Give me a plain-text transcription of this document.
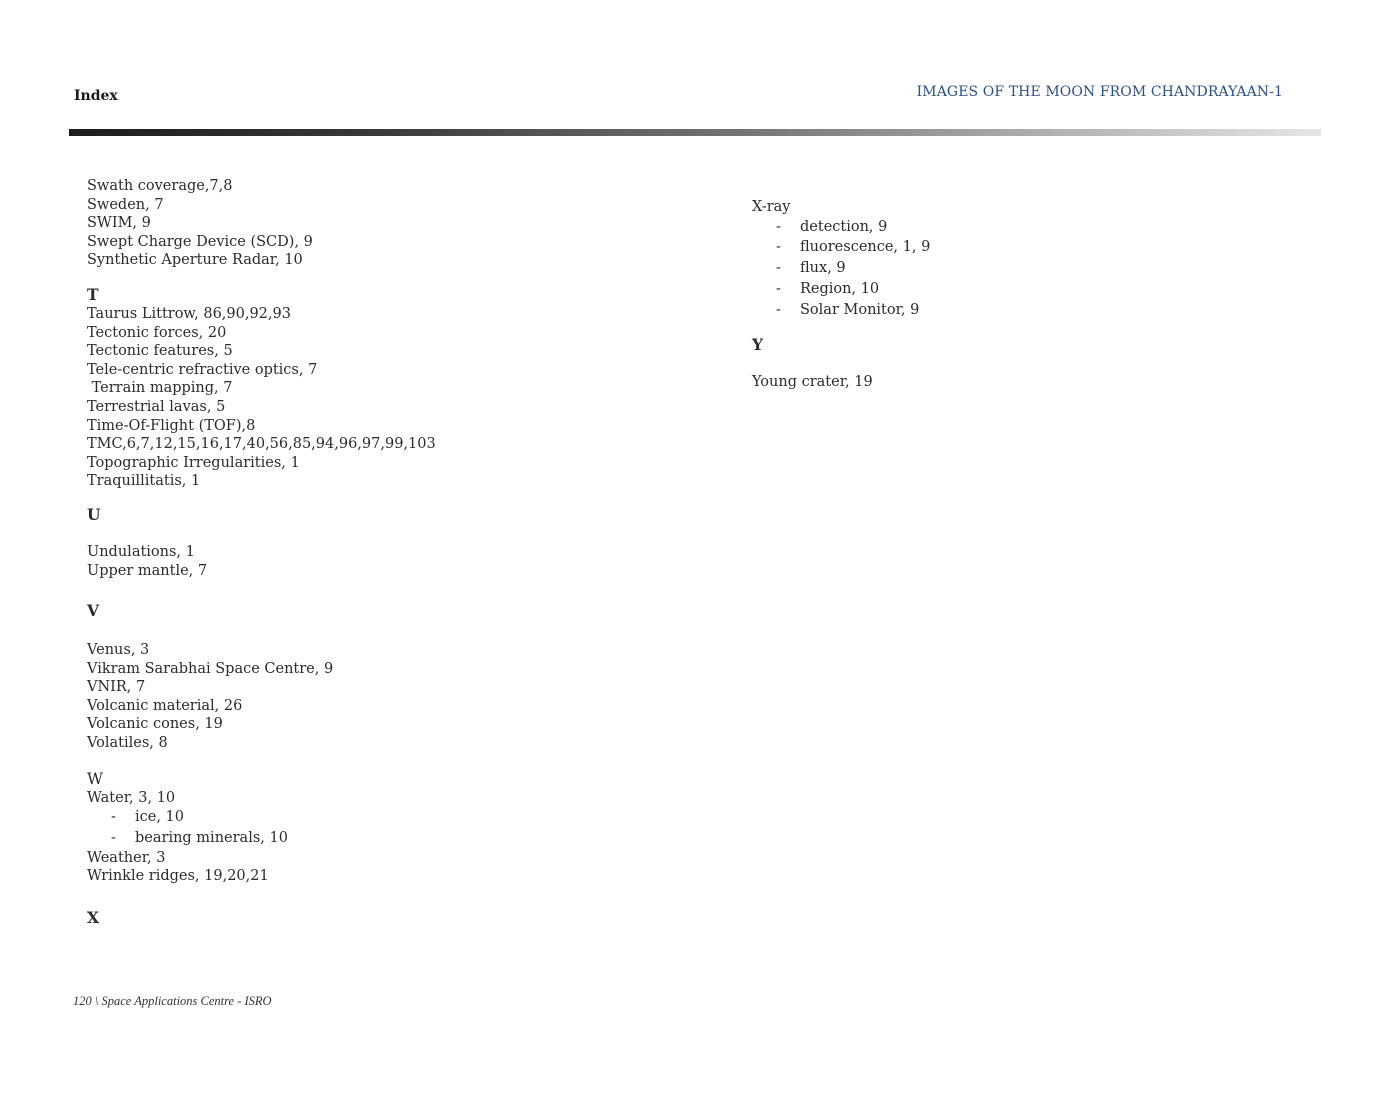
Index	IMAGES OF THE MOON FROM CHANDRAYAAN-1
Swath coverage,7,8
Sweden, 7
SWIM, 9
Swept Charge Device (SCD), 9
Synthetic Aperture Radar, 10
T
Taurus Littrow, 86,90,92,93
Tectonic forces, 20
Tectonic features, 5
Tele-centric refractive optics, 7
Terrain mapping, 7
Terrestrial lavas, 5
Time-Of-Flight (TOF),8
TMC,6,7,12,15,16,17,40,56,85,94,96,97,99,103
Topographic Irregularities, 1
Traquillitatis, 1
U
Undulations, 1
Upper mantle, 7
V
Venus, 3
Vikram Sarabhai Space Centre, 9
VNIR, 7
Volcanic material, 26
Volcanic cones, 19
Volatiles, 8
W
Water, 3, 10
- ice, 10
- bearing minerals, 10
Weather, 3
Wrinkle ridges, 19,20,21
X
X-ray
- detection, 9
- fluorescence, 1, 9
- flux, 9
- Region, 10
- Solar Monitor, 9
Y
Young crater, 19
120 \ Space Applications Centre - ISRO
